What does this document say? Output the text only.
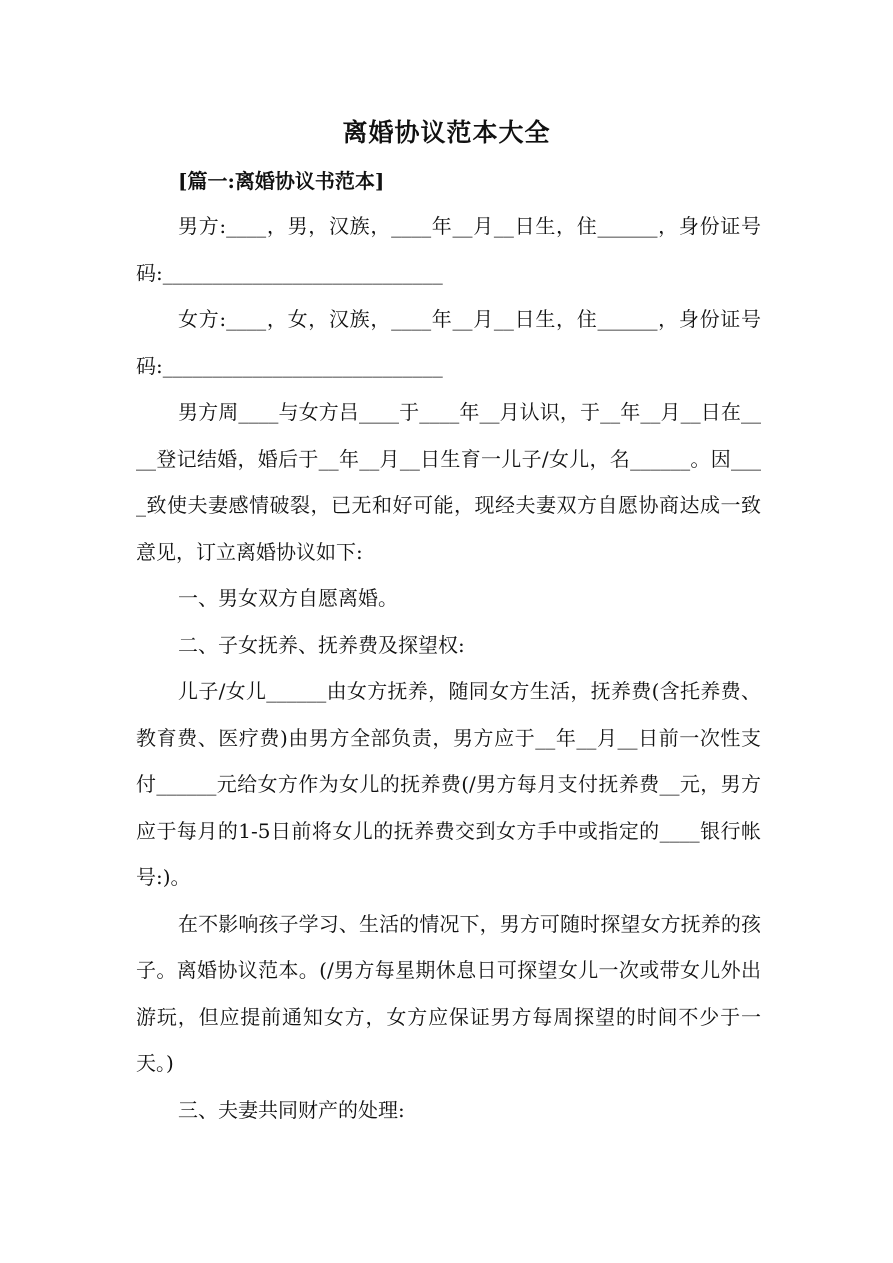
离婚协议范本大全
[篇一:离婚协议书范本]

男方:____，男，汉族，____年__月__日生，住______，身份证号码:____________________________

女方:____，女，汉族，____年__月__日生，住______，身份证号码:____________________________

男方周____与女方吕____于____年__月认识，于__年__月__日在____登记结婚，婚后于__年__月__日生育一儿子/女儿，名______。因____致使夫妻感情破裂，已无和好可能，现经夫妻双方自愿协商达成一致意见，订立离婚协议如下:

一、男女双方自愿离婚。

二、子女抚养、抚养费及探望权:

儿子/女儿______由女方抚养，随同女方生活，抚养费(含托养费、教育费、医疗费)由男方全部负责，男方应于__年__月__日前一次性支付______元给女方作为女儿的抚养费(/男方每月支付抚养费__元，男方应于每月的1-5日前将女儿的抚养费交到女方手中或指定的____银行帐号:)。

在不影响孩子学习、生活的情况下，男方可随时探望女方抚养的孩子。离婚协议范本。(/男方每星期休息日可探望女儿一次或带女儿外出游玩，但应提前通知女方，女方应保证男方每周探望的时间不少于一天。)

三、夫妻共同财产的处理:
